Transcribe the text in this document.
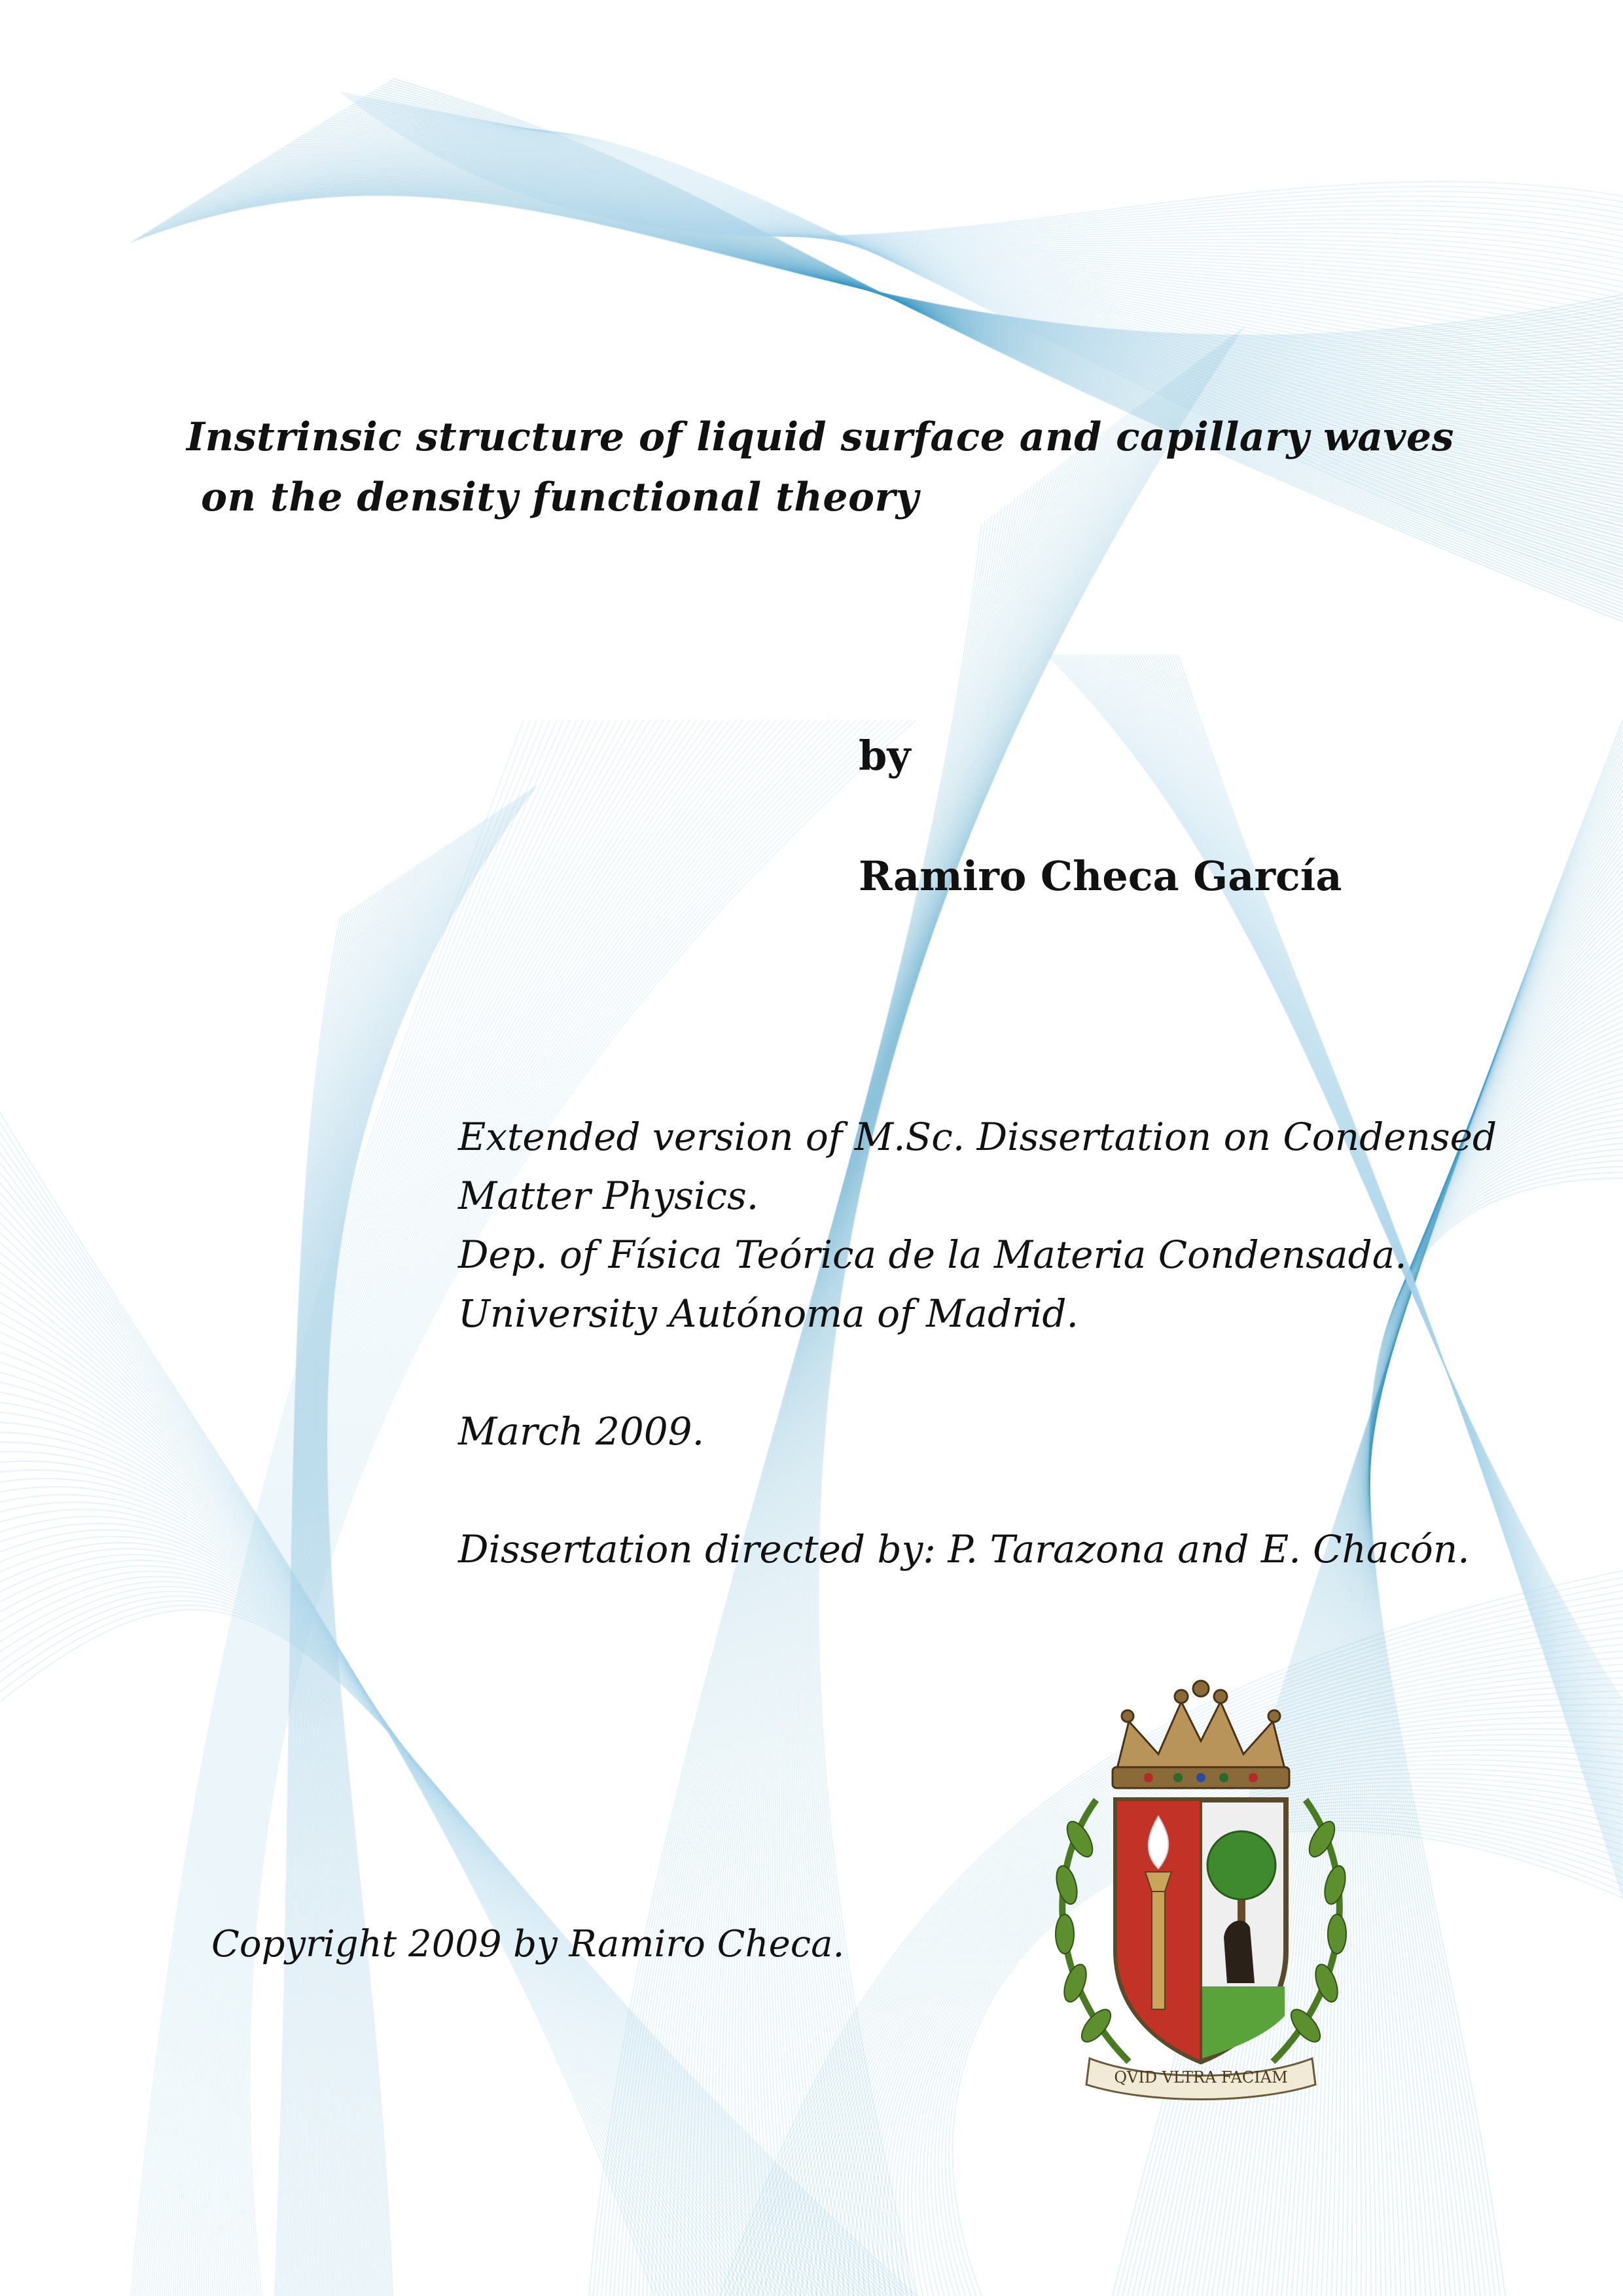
Instrinsic structure of liquid surface and capillary waves
on the density functional theory
by
Ramiro Checa García
Extended version of M.Sc. Dissertation on Condensed
Matter Physics.
Dep. of Física Teórica de la Materia Condensada.
University Autónoma of Madrid.
March 2009.
Dissertation directed by: P. Tarazona and E. Chacón.
Copyright 2009 by Ramiro Checa.
QVID VLTRA FACIAM
